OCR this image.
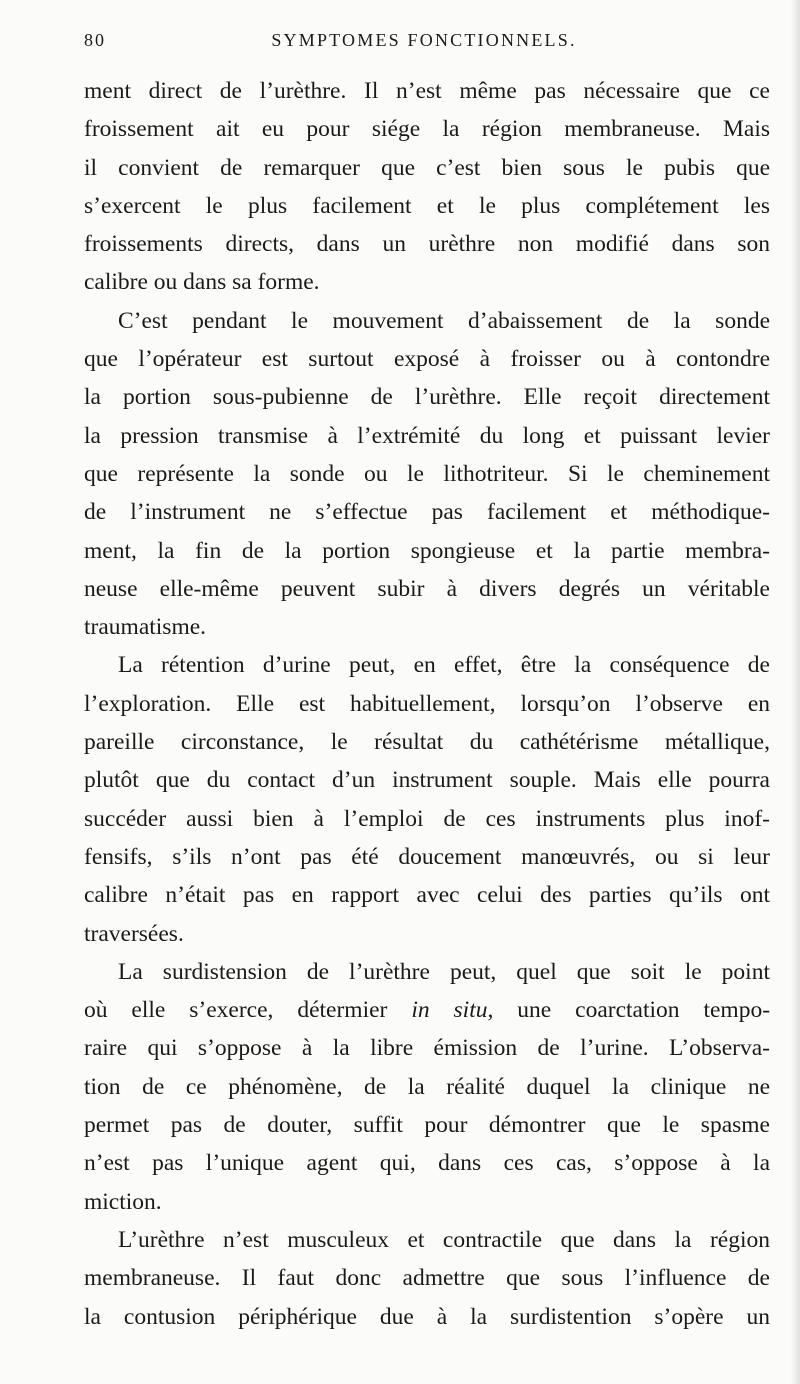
80	SYMPTOMES FONCTIONNELS.
ment direct de l’urèthre. Il n’est même pas nécessaire que ce
froissement ait eu pour siége la région membraneuse. Mais
il convient de remarquer que c’est bien sous le pubis que
s’exercent le plus facilement et le plus complétement les
froissements directs, dans un urèthre non modifié dans son
calibre ou dans sa forme.
C’est pendant le mouvement d’abaissement de la sonde
que l’opérateur est surtout exposé à froisser ou à contondre
la portion sous-pubienne de l’urèthre. Elle reçoit directement
la pression transmise à l’extrémité du long et puissant levier
que représente la sonde ou le lithotriteur. Si le cheminement
de l’instrument ne s’effectue pas facilement et méthodique-
ment, la fin de la portion spongieuse et la partie membra-
neuse elle-même peuvent subir à divers degrés un véritable
traumatisme.
La rétention d’urine peut, en effet, être la conséquence de
l’exploration. Elle est habituellement, lorsqu’on l’observe en
pareille circonstance, le résultat du cathétérisme métallique,
plutôt que du contact d’un instrument souple. Mais elle pourra
succéder aussi bien à l’emploi de ces instruments plus inof-
fensifs, s’ils n’ont pas été doucement manœuvrés, ou si leur
calibre n’était pas en rapport avec celui des parties qu’ils ont
traversées.
La surdistension de l’urèthre peut, quel que soit le point
où elle s’exerce, détermier in situ, une coarctation tempo-
raire qui s’oppose à la libre émission de l’urine. L’observa-
tion de ce phénomène, de la réalité duquel la clinique ne
permet pas de douter, suffit pour démontrer que le spasme
n’est pas l’unique agent qui, dans ces cas, s’oppose à la
miction.
L’urèthre n’est musculeux et contractile que dans la région
membraneuse. Il faut donc admettre que sous l’influence de
la contusion périphérique due à la surdistention s’opère un
